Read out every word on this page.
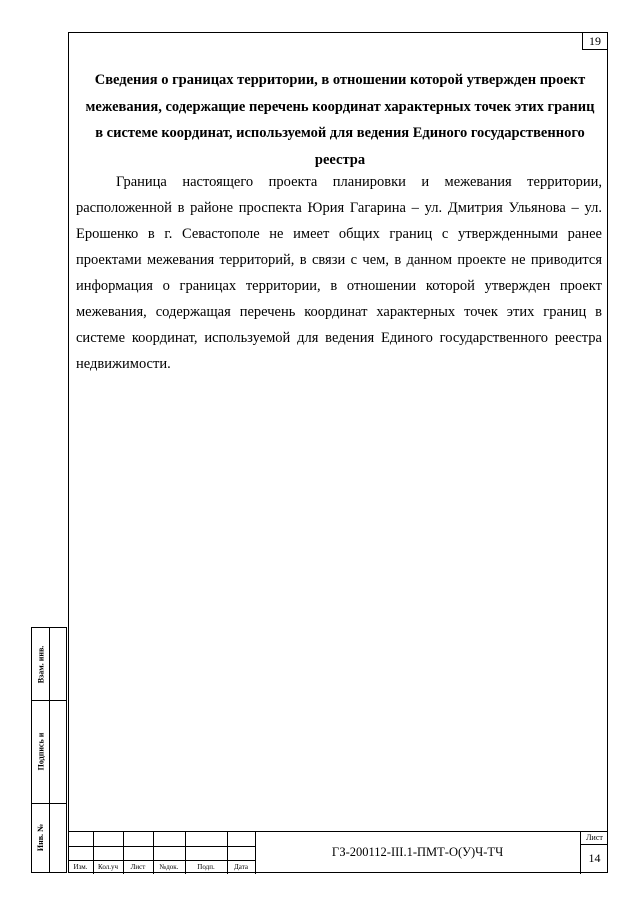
19
Сведения о границах территории, в отношении которой утвержден проект межевания, содержащие перечень координат характерных точек этих границ в системе координат, используемой для ведения Единого государственного реестра
Граница настоящего проекта планировки и межевания территории, расположенной в районе проспекта Юрия Гагарина – ул. Дмитрия Ульянова – ул. Ерошенко в г. Севастополе не имеет общих границ с утвержденными ранее проектами межевания территорий, в связи с чем, в данном проекте не приводится информация о границах территории, в отношении которой утвержден проект межевания, содержащая перечень координат характерных точек этих границ в системе координат, используемой для ведения Единого государственного реестра недвижимости.
Взам. инв.
Подпись и
Инв. №
Изм.	Кол.уч	Лист	№док.	Подп.	Дата
ГЗ-200112-III.1-ПМТ-О(У)Ч-ТЧ
Лист
14
